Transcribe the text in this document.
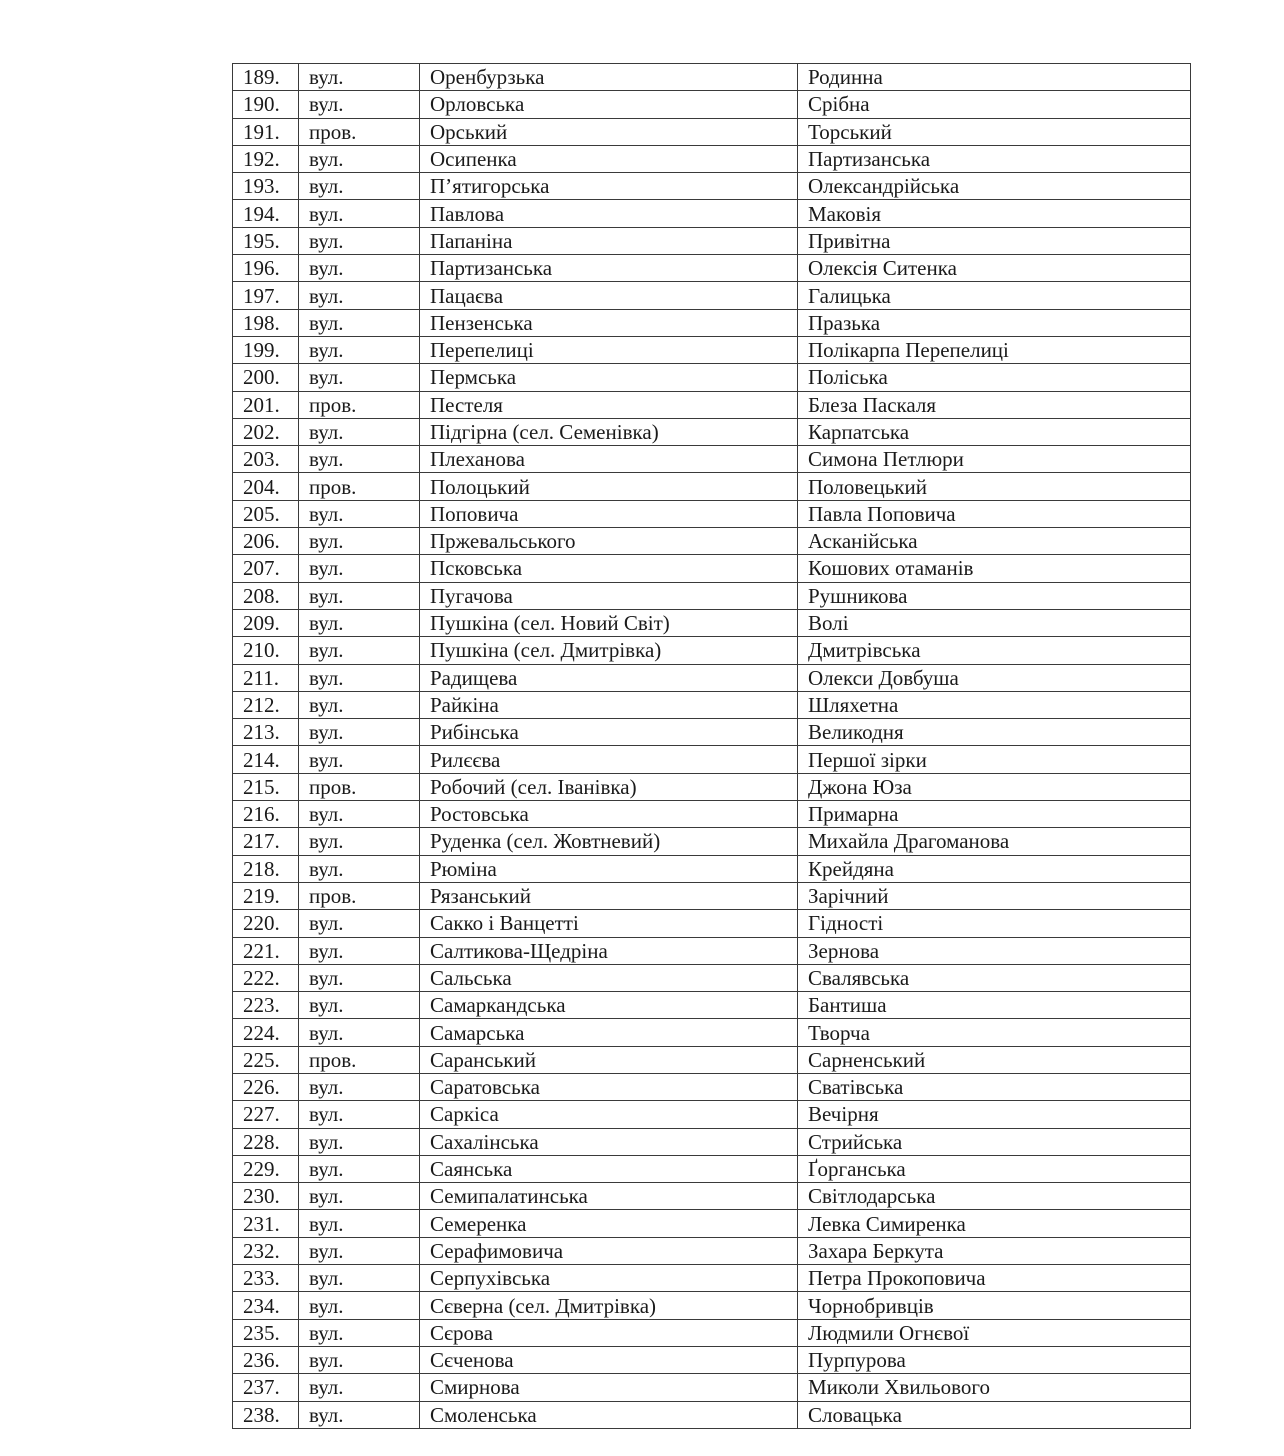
189.	вул.	Оренбурзька	Родинна
190.	вул.	Орловська	Срібна
191.	пров.	Орський	Торський
192.	вул.	Осипенка	Партизанська
193.	вул.	П’ятигорська	Олександрійська
194.	вул.	Павлова	Маковія
195.	вул.	Папаніна	Привітна
196.	вул.	Партизанська	Олексія Ситенка
197.	вул.	Пацаєва	Галицька
198.	вул.	Пензенська	Празька
199.	вул.	Перепелиці	Полікарпа Перепелиці
200.	вул.	Пермська	Поліська
201.	пров.	Пестеля	Блеза Паскаля
202.	вул.	Підгірна (сел. Семенівка)	Карпатська
203.	вул.	Плеханова	Симона Петлюри
204.	пров.	Полоцький	Половецький
205.	вул.	Поповича	Павла Поповича
206.	вул.	Пржевальського	Асканійська
207.	вул.	Псковська	Кошових отаманів
208.	вул.	Пугачова	Рушникова
209.	вул.	Пушкіна (сел. Новий Світ)	Волі
210.	вул.	Пушкіна (сел. Дмитрівка)	Дмитрівська
211.	вул.	Радищева	Олекси Довбуша
212.	вул.	Райкіна	Шляхетна
213.	вул.	Рибінська	Великодня
214.	вул.	Рилєєва	Першої зірки
215.	пров.	Робочий (сел. Іванівка)	Джона Юза
216.	вул.	Ростовська	Примарна
217.	вул.	Руденка (сел. Жовтневий)	Михайла Драгоманова
218.	вул.	Рюміна	Крейдяна
219.	пров.	Рязанський	Зарічний
220.	вул.	Сакко і Ванцетті	Гідності
221.	вул.	Салтикова-Щедріна	Зернова
222.	вул.	Сальська	Свалявська
223.	вул.	Самаркандська	Бантиша
224.	вул.	Самарська	Творча
225.	пров.	Саранський	Сарненський
226.	вул.	Саратовська	Сватівська
227.	вул.	Саркіса	Вечірня
228.	вул.	Сахалінська	Стрийська
229.	вул.	Саянська	Ґорганська
230.	вул.	Семипалатинська	Світлодарська
231.	вул.	Семеренка	Левка Симиренка
232.	вул.	Серафимовича	Захара Беркута
233.	вул.	Серпухівська	Петра Прокоповича
234.	вул.	Сєверна (сел. Дмитрівка)	Чорнобривців
235.	вул.	Сєрова	Людмили Огнєвої
236.	вул.	Сєченова	Пурпурова
237.	вул.	Смирнова	Миколи Хвильового
238.	вул.	Смоленська	Словацька
